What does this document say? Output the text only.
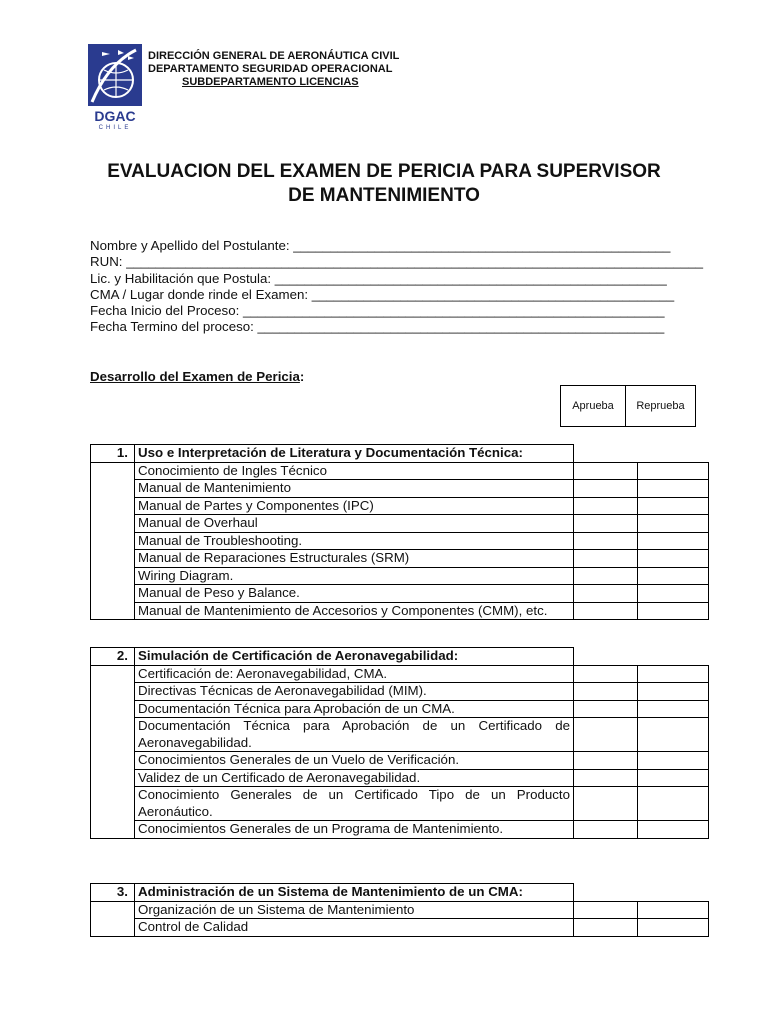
DGAC
CHILE
DIRECCIÓN GENERAL DE AERONÁUTICA CIVIL
DEPARTAMENTO SEGURIDAD OPERACIONAL
SUBDEPARTAMENTO LICENCIAS
EVALUACION DEL EXAMEN DE PERICIA PARA SUPERVISOR
DE MANTENIMIENTO
Nombre y Apellido del Postulante: ___________________________________________________
RUN: ______________________________________________________________________________
Lic. y Habilitación que Postula: _____________________________________________________
CMA / Lugar donde rinde el Examen: _________________________________________________
Fecha Inicio del Proceso: _________________________________________________________
Fecha Termino del proceso: _______________________________________________________
Desarrollo del Examen de Pericia:
Aprueba	Reprueba
1.	Uso e Interpretación de Literatura y Documentación Técnica:		
	Conocimiento de Ingles Técnico		
	Manual de Mantenimiento		
	Manual de Partes y Componentes (IPC)		
	Manual de Overhaul		
	Manual de Troubleshooting.		
	Manual de Reparaciones Estructurales (SRM)		
	Wiring Diagram.		
	Manual de Peso y Balance.		
	Manual de Mantenimiento de Accesorios y Componentes (CMM), etc.		
2.	Simulación de Certificación de Aeronavegabilidad:		
	Certificación de: Aeronavegabilidad, CMA.		
	Directivas Técnicas de Aeronavegabilidad (MIM).		
	Documentación Técnica para Aprobación de un CMA.		
	Documentación Técnica para Aprobación de un Certificado de Aeronavegabilidad.		
	Conocimientos Generales de un Vuelo de Verificación.		
	Validez de un Certificado de Aeronavegabilidad.		
	Conocimiento Generales de un Certificado Tipo de un Producto Aeronáutico.		
	Conocimientos Generales de un Programa de Mantenimiento.		
3.	Administración de un Sistema de Mantenimiento de un CMA:		
	Organización de un Sistema de Mantenimiento		
	Control de Calidad		
